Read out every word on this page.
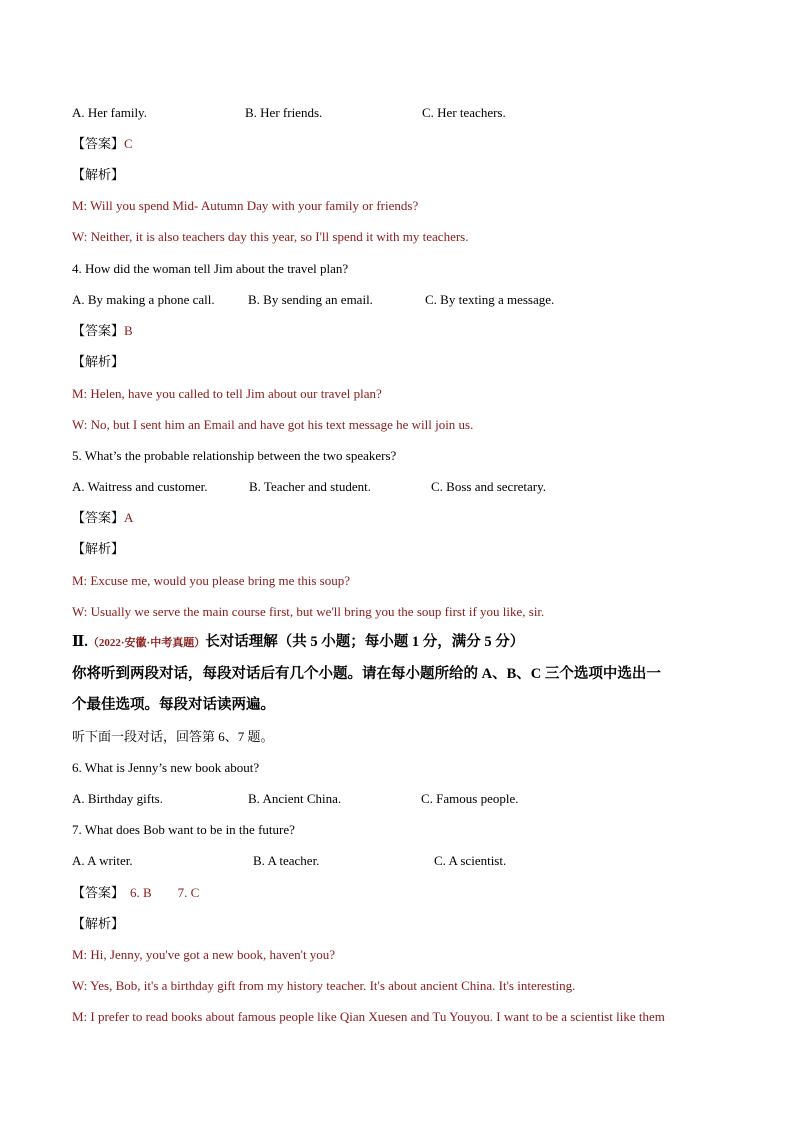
A. Her family.	B. Her friends.	C. Her teachers.
【答案】C
【解析】
M: Will you spend Mid- Autumn Day with your family or friends?
W: Neither, it is also teachers day this year, so I'll spend it with my teachers.
4. How did the woman tell Jim about the travel plan?
A. By making a phone call.	B. By sending an email.	C. By texting a message.
【答案】B
【解析】
M: Helen, have you called to tell Jim about our travel plan?
W: No, but I sent him an Email and have got his text message he will join us.
5. What’s the probable relationship between the two speakers?
A. Waitress and customer.	B. Teacher and student.	C. Boss and secretary.
【答案】A
【解析】
M: Excuse me, would you please bring me this soup?
W: Usually we serve the main course first, but we'll bring you the soup first if you like, sir.
Ⅱ.（2022·安徽·中考真题）长对话理解（共 5 小题；每小题 1 分，满分 5 分）
你将听到两段对话，每段对话后有几个小题。请在每小题所给的 A、B、C 三个选项中选出一
个最佳选项。每段对话读两遍。
听下面一段对话，回答第 6、7 题。
6. What is Jenny’s new book about?
A. Birthday gifts.	B. Ancient China.	C. Famous people.
7. What does Bob want to be in the future?
A. A writer.	B. A teacher.	C. A scientist.
【答案】 6. B        7. C
【解析】
M: Hi, Jenny, you've got a new book, haven't you?
W: Yes, Bob, it's a birthday gift from my history teacher. It's about ancient China. It's interesting.
M: I prefer to read books about famous people like Qian Xuesen and Tu Youyou. I want to be a scientist like them
